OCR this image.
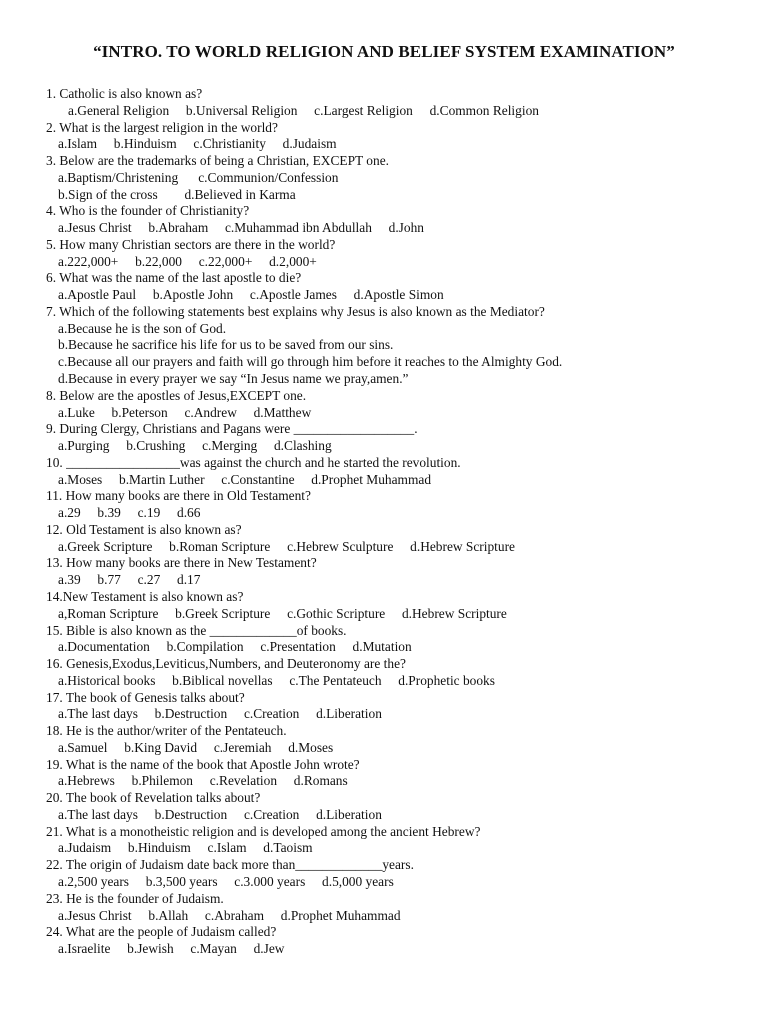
“INTRO. TO WORLD RELIGION AND BELIEF SYSTEM EXAMINATION”
1. Catholic is also known as?
a.General Religion     b.Universal Religion     c.Largest Religion     d.Common Religion
2. What is the largest religion in the world?
a.Islam     b.Hinduism     c.Christianity     d.Judaism
3. Below are the trademarks of being a Christian, EXCEPT one.
a.Baptism/Christening      c.Communion/Confession
b.Sign of the cross        d.Believed in Karma
4. Who is the founder of Christianity?
a.Jesus Christ     b.Abraham     c.Muhammad ibn Abdullah     d.John
5. How many Christian sectors are there in the world?
a.222,000+     b.22,000     c.22,000+     d.2,000+
6. What was the name of the last apostle to die?
a.Apostle Paul     b.Apostle John     c.Apostle James     d.Apostle Simon
7. Which of the following statements best explains why Jesus is also known as the Mediator?
a.Because he is the son of God.
b.Because he sacrifice his life for us to be saved from our sins.
c.Because all our prayers and faith will go through him before it reaches to the Almighty God.
d.Because in every prayer we say “In Jesus name we pray,amen.”
8. Below are the apostles of Jesus,EXCEPT one.
a.Luke     b.Peterson     c.Andrew     d.Matthew
9. During Clergy, Christians and Pagans were __________________.
a.Purging     b.Crushing     c.Merging     d.Clashing
10. _________________was against the church and he started the revolution.
a.Moses     b.Martin Luther     c.Constantine     d.Prophet Muhammad
11. How many books are there in Old Testament?
a.29     b.39     c.19     d.66
12. Old Testament is also known as?
a.Greek Scripture     b.Roman Scripture     c.Hebrew Sculpture     d.Hebrew Scripture
13. How many books are there in New Testament?
a.39     b.77     c.27     d.17
14.New Testament is also known as?
a,Roman Scripture     b.Greek Scripture     c.Gothic Scripture     d.Hebrew Scripture
15. Bible is also known as the _____________of books.
a.Documentation     b.Compilation     c.Presentation     d.Mutation
16. Genesis,Exodus,Leviticus,Numbers, and Deuteronomy are the?
a.Historical books     b.Biblical novellas     c.The Pentateuch     d.Prophetic books
17. The book of Genesis talks about?
a.The last days     b.Destruction     c.Creation     d.Liberation
18. He is the author/writer of the Pentateuch.
a.Samuel     b.King David     c.Jeremiah     d.Moses
19. What is the name of the book that Apostle John wrote?
a.Hebrews     b.Philemon     c.Revelation     d.Romans
20. The book of Revelation talks about?
a.The last days     b.Destruction     c.Creation     d.Liberation
21. What is a monotheistic religion and is developed among the ancient Hebrew?
a.Judaism     b.Hinduism     c.Islam     d.Taoism
22. The origin of Judaism date back more than_____________years.
a.2,500 years     b.3,500 years     c.3.000 years     d.5,000 years
23. He is the founder of Judaism.
a.Jesus Christ     b.Allah     c.Abraham     d.Prophet Muhammad
24. What are the people of Judaism called?
a.Israelite     b.Jewish     c.Mayan     d.Jew
